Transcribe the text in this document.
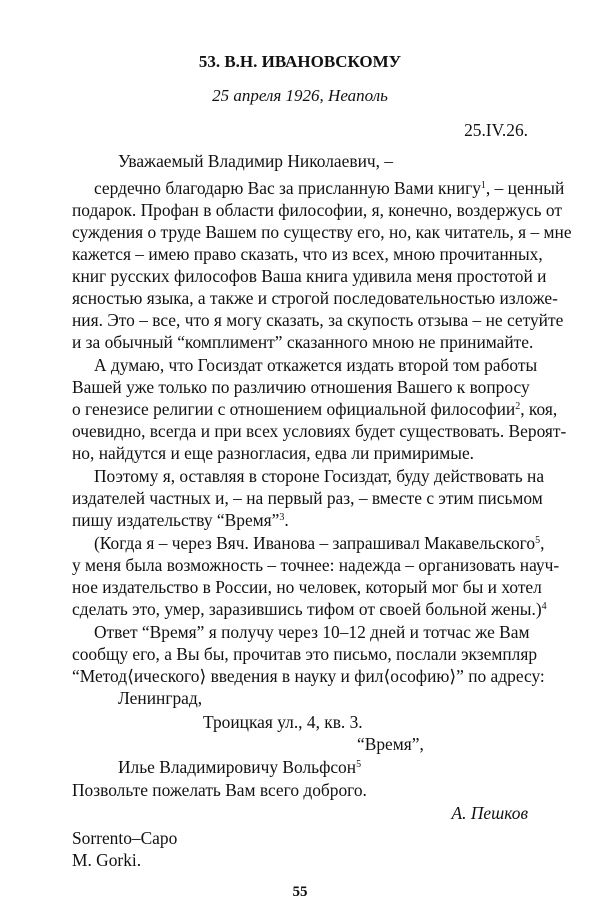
53. В.Н. ИВАНОВСКОМУ
25 апреля 1926, Неаполь
25.IV.26.
Уважаемый Владимир Николаевич, –
сердечно благодарю Вас за присланную Вами книгу$^1$, – ценный
подарок. Профан в области философии, я, конечно, воздержусь от
суждения о труде Вашем по существу его, но, как читатель, я – мне
кажется – имею право сказать, что из всех, мною прочитанных,
книг русских философов Ваша книга удивила меня простотой и
ясностью языка, а также и строгой последовательностью изложе-
ния. Это – все, что я могу сказать, за скупость отзыва – не сетуйте
и за обычный “комплимент” сказанного мною не принимайте.
А думаю, что Госиздат откажется издать второй том работы
Вашей уже только по различию отношения Вашего к вопросу
о генезисе религии с отношением официальной философии$^2$, коя,
очевидно, всегда и при всех условиях будет существовать. Вероят-
но, найдутся и еще разногласия, едва ли примиримые.
Поэтому я, оставляя в стороне Госиздат, буду действовать на
издателей частных и, – на первый раз, – вместе с этим письмом
пишу издательству “Время”$^3$.
(Когда я – через Вяч. Иванова – запрашивал Макавельского$^5$,
у меня была возможность – точнее: надежда – организовать науч-
ное издательство в России, но человек, который мог бы и хотел
сделать это, умер, заразившись тифом от своей больной жены.)$^4$
Ответ “Время” я получу через 10–12 дней и тотчас же Вам
сообщу его, а Вы бы, прочитав это письмо, послали экземпляр
“Метод⟨ического⟩ введения в науку и фил⟨ософию⟩” по адресу:
Ленинград,
Троицкая ул., 4, кв. 3.
“Время”,
Илье Владимировичу Вольфсон$^5$
Позвольте пожелать Вам всего доброго.
А. Пешков
Sorrento–Capo
M. Gorki.
55
